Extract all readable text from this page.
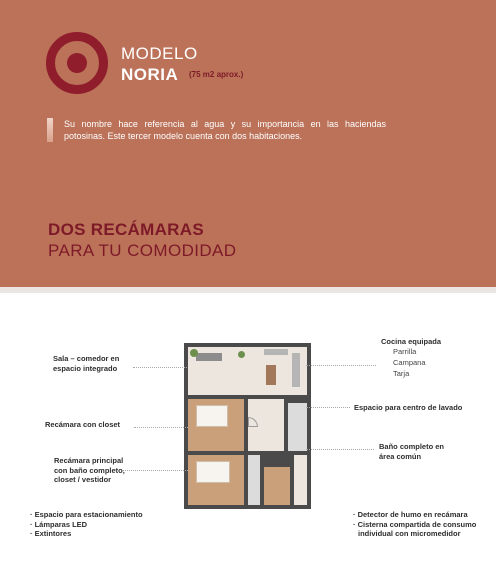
MODELO
NORIA (75 m2 aprox.)
Su nombre hace referencia al agua y su importancia en las haciendas potosinas. Este tercer modelo cuenta con dos habitaciones.
DOS RECÁMARAS
PARA TU COMODIDAD
Sala – comedor en
espacio integrado
Recámara con closet
Recámara principal
con baño completo,
closet / vestidor
Cocina equipada
Parrilla
Campana
Tarja
Espacio para centro de lavado
Baño completo en
área común
· Espacio para estacionamiento
· Lámparas LED
· Extintores
· Detector de humo en recámara
· Cisterna compartida de consumo
individual con micromedidor
